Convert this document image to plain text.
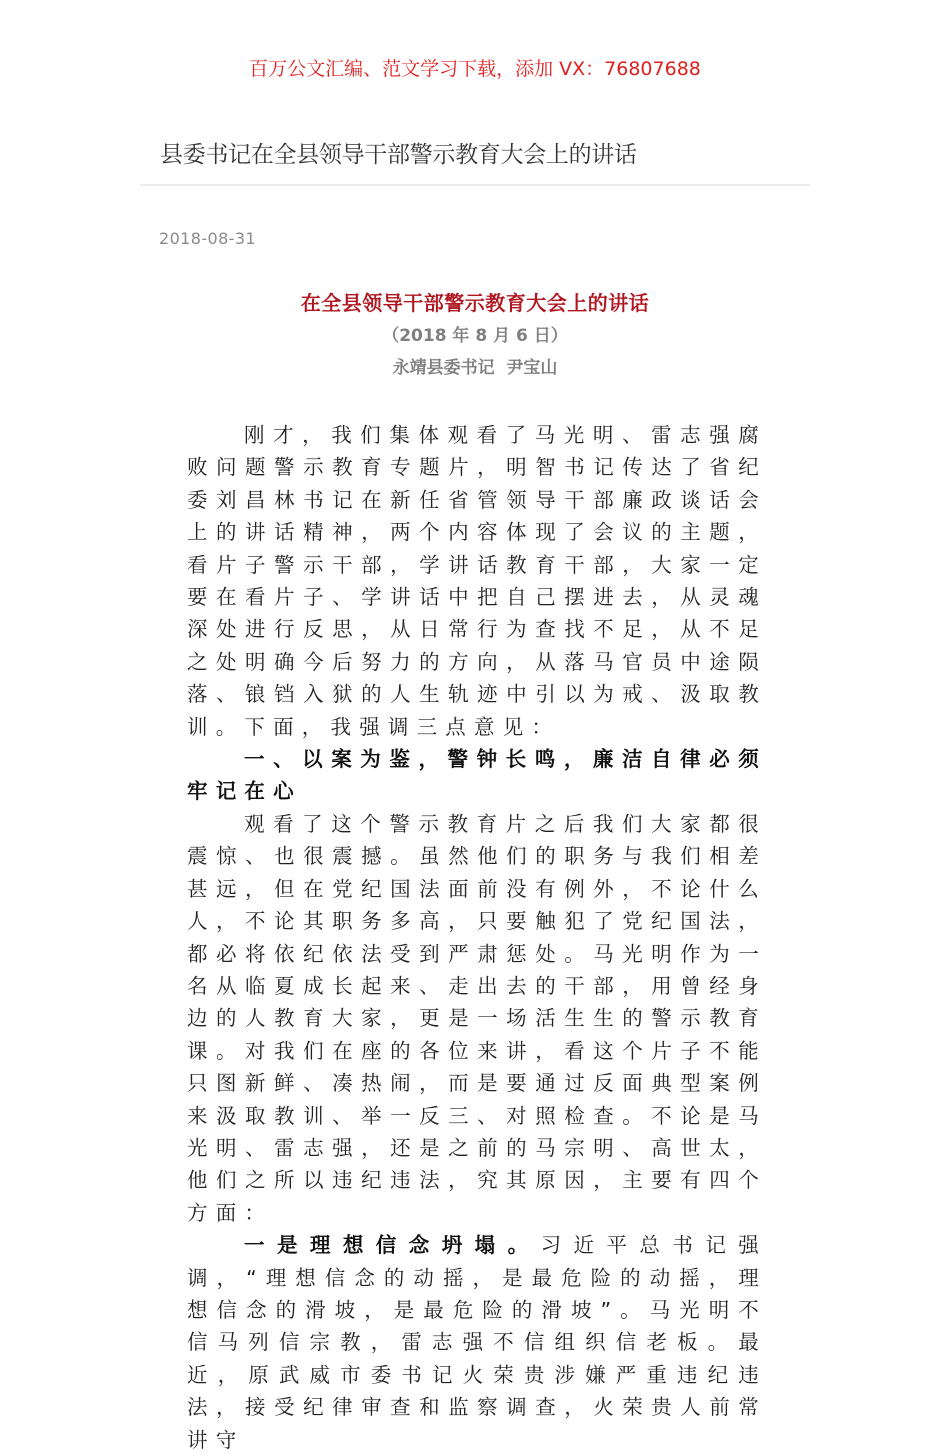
百万公文汇编、范文学习下载，添加 VX：76807688
县委书记在全县领导干部警示教育大会上的讲话
2018-08-31
在全县领导干部警示教育大会上的讲话
（2018 年 8 月 6 日）
永靖县委书记  尹宝山

刚才，我们集体观看了马光明、雷志强腐败问题警示教育专题片，明智书记传达了省纪委刘昌林书记在新任省管领导干部廉政谈话会上的讲话精神，两个内容体现了会议的主题，看片子警示干部，学讲话教育干部，大家一定要在看片子、学讲话中把自己摆进去，从灵魂深处进行反思，从日常行为查找不足，从不足之处明确今后努力的方向，从落马官员中途陨落、锒铛入狱的人生轨迹中引以为戒、汲取教训。下面，我强调三点意见：

一、以案为鉴，警钟长鸣，廉洁自律必须牢记在心

观看了这个警示教育片之后我们大家都很震惊、也很震撼。虽然他们的职务与我们相差甚远，但在党纪国法面前没有例外，不论什么人，不论其职务多高，只要触犯了党纪国法，都必将依纪依法受到严肃惩处。马光明作为一名从临夏成长起来、走出去的干部，用曾经身边的人教育大家，更是一场活生生的警示教育课。对我们在座的各位来讲，看这个片子不能只图新鲜、凑热闹，而是要通过反面典型案例来汲取教训、举一反三、对照检查。不论是马光明、雷志强，还是之前的马宗明、高世太，他们之所以违纪违法，究其原因，主要有四个方面：

一是理想信念坍塌。习近平总书记强调，“理想信念的动摇，是最危险的动摇，理想信念的滑坡，是最危险的滑坡”。马光明不信马列信宗教，雷志强不信组织信老板。最近，原武威市委书记火荣贵涉嫌严重违纪违法，接受纪律审查和监察调查，火荣贵人前常讲守
